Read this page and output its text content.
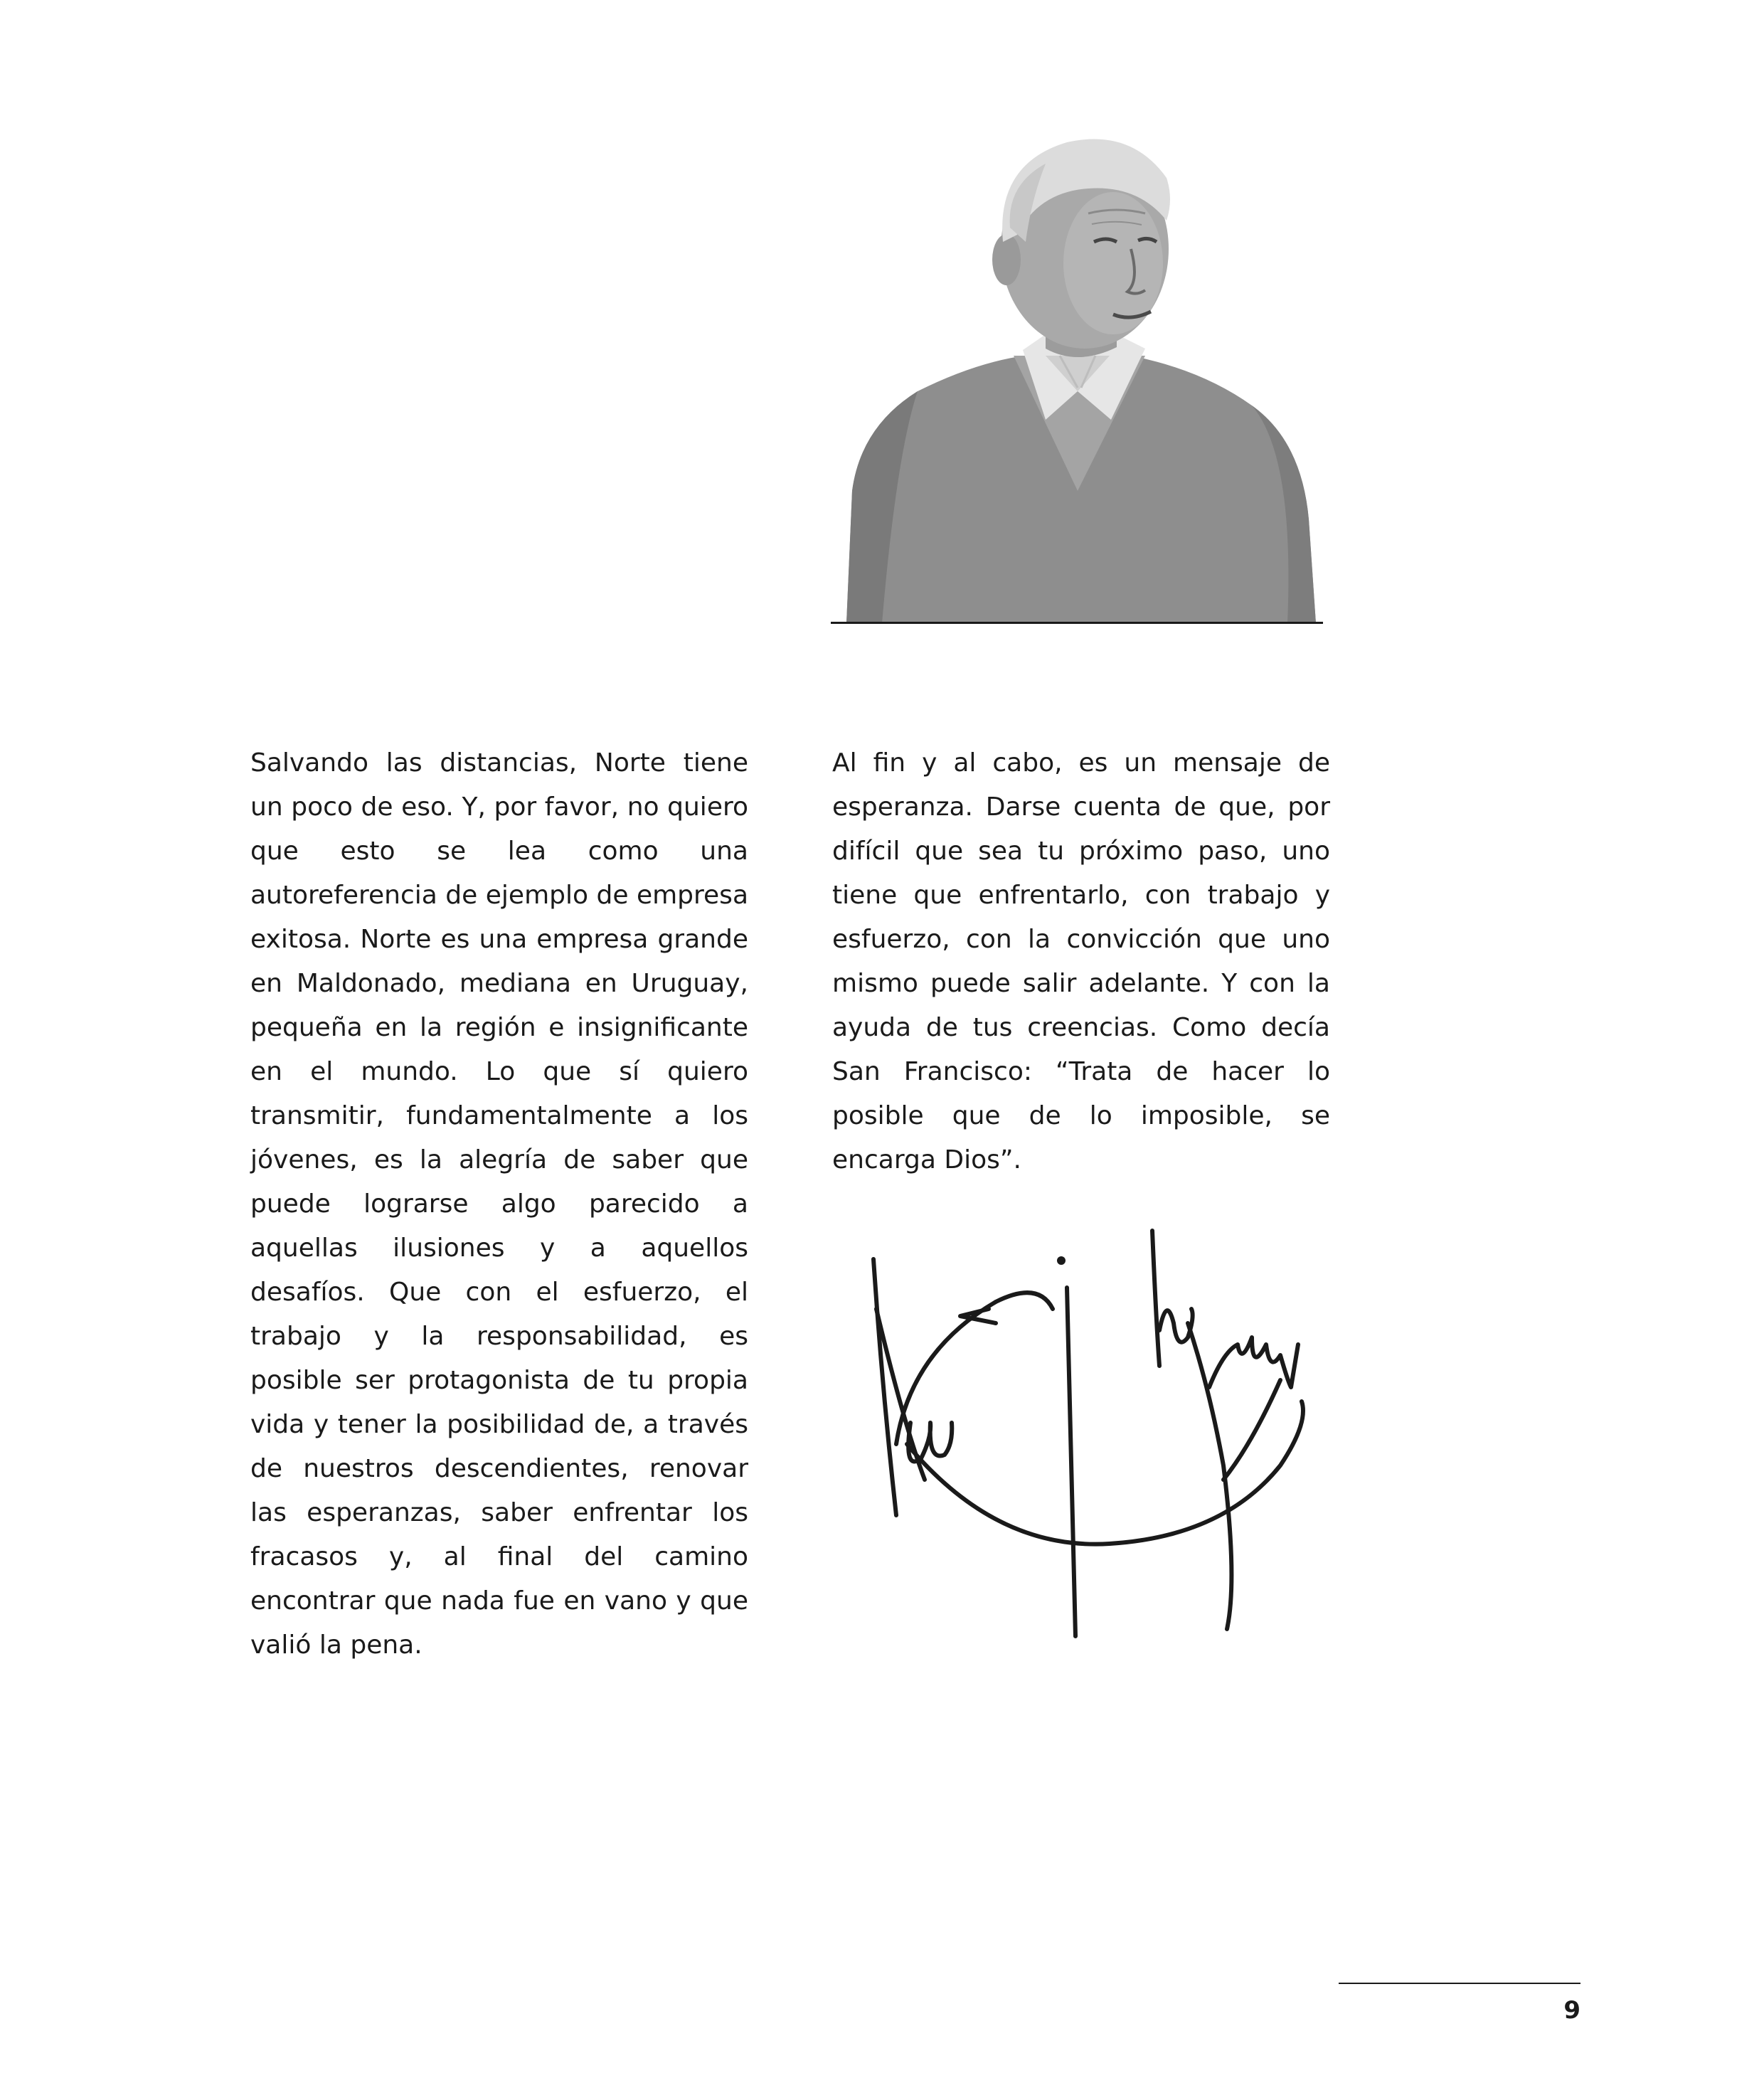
Salvando las distancias, Norte tiene un poco de eso. Y, por favor, no quiero que esto se lea como una autoreferencia de ejemplo de empresa exitosa. Norte es una empresa grande en Maldonado, mediana en Uruguay, pequeña en la región e insignificante en el mundo. Lo que sí quiero transmitir, fundamentalmente a los jóvenes, es la alegría de saber que puede lograrse algo parecido a aquellas ilusiones y a aquellos desafíos. Que con el esfuerzo, el trabajo y la responsabilidad, es posible ser protagonista de tu propia vida y tener la posibilidad de, a través de nuestros descendientes, renovar las esperanzas, saber enfrentar los fracasos y, al final del camino encontrar que nada fue en vano y que valió la pena.

Al fin y al cabo, es un mensaje de esperanza. Darse cuenta de que, por difícil que sea tu próximo paso, uno tiene que enfrentarlo, con trabajo y esfuerzo, con la convicción que uno mismo puede salir adelante. Y con la ayuda de tus creencias. Como decía San Francisco: “Trata de hacer lo posible que de lo imposible, se encarga Dios”.

9
